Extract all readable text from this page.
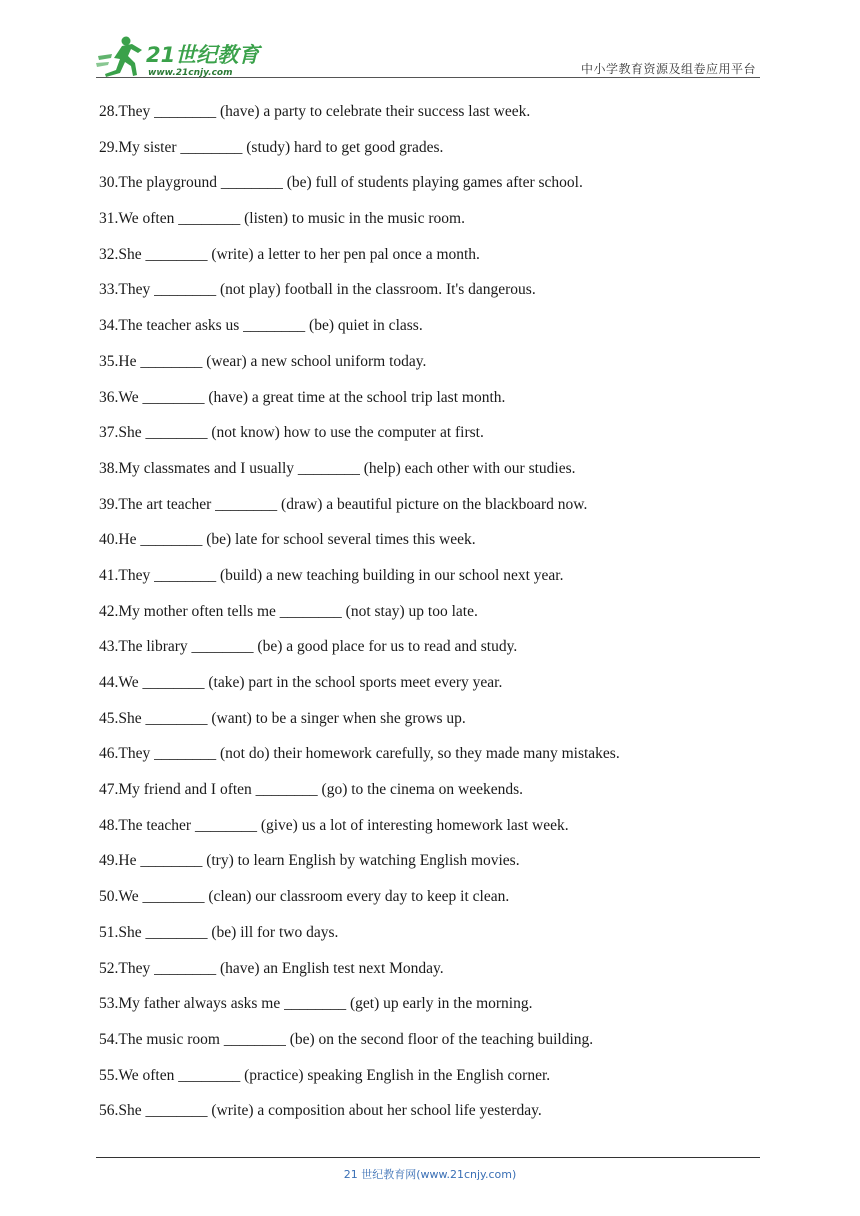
21世纪教育
www.21cnjy.com	中小学教育资源及组卷应用平台
28.They ________ (have) a party to celebrate their success last week.
29.My sister ________ (study) hard to get good grades.
30.The playground ________ (be) full of students playing games after school.
31.We often ________ (listen) to music in the music room.
32.She ________ (write) a letter to her pen pal once a month.
33.They ________ (not play) football in the classroom. It's dangerous.
34.The teacher asks us ________ (be) quiet in class.
35.He ________ (wear) a new school uniform today.
36.We ________ (have) a great time at the school trip last month.
37.She ________ (not know) how to use the computer at first.
38.My classmates and I usually ________ (help) each other with our studies.
39.The art teacher ________ (draw) a beautiful picture on the blackboard now.
40.He ________ (be) late for school several times this week.
41.They ________ (build) a new teaching building in our school next year.
42.My mother often tells me ________ (not stay) up too late.
43.The library ________ (be) a good place for us to read and study.
44.We ________ (take) part in the school sports meet every year.
45.She ________ (want) to be a singer when she grows up.
46.They ________ (not do) their homework carefully, so they made many mistakes.
47.My friend and I often ________ (go) to the cinema on weekends.
48.The teacher ________ (give) us a lot of interesting homework last week.
49.He ________ (try) to learn English by watching English movies.
50.We ________ (clean) our classroom every day to keep it clean.
51.She ________ (be) ill for two days.
52.They ________ (have) an English test next Monday.
53.My father always asks me ________ (get) up early in the morning.
54.The music room ________ (be) on the second floor of the teaching building.
55.We often ________ (practice) speaking English in the English corner.
56.She ________ (write) a composition about her school life yesterday.
21 世纪教育网(www.21cnjy.com)
